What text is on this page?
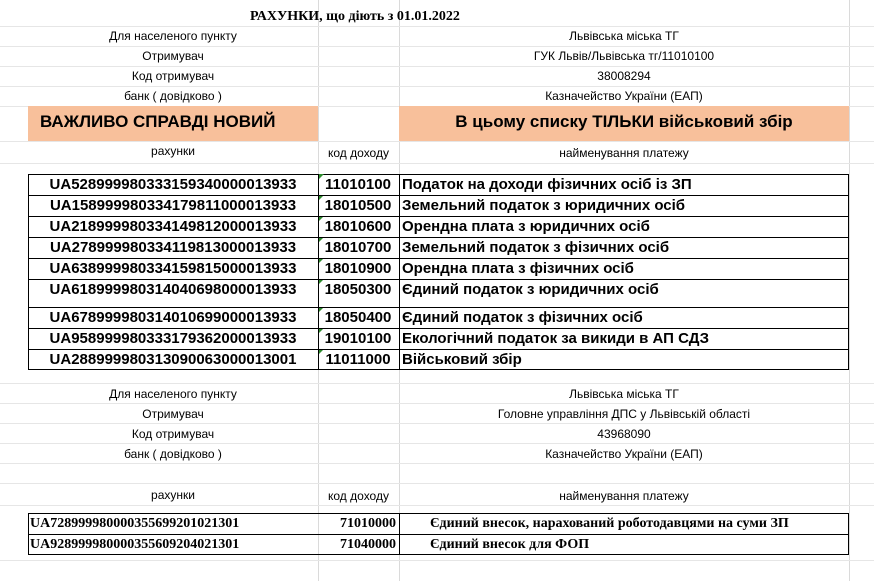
РАХУНКИ, що діють з 01.01.2022
Для населеного пункту	Львівська міська ТГ
Отримувач	ГУК Львів/Львівська тг/11010100
Код отримувач	38008294
банк ( довідково )	Казначейство України (ЕАП)
ВАЖЛИВО СПРАВДІ НОВИЙ	В цьому списку ТІЛЬКИ військовий збір
рахунки	код доходу	найменування платежу
UA528999980333159340000013933	11010100 Податок на доходи фізичних осіб із ЗП
UA158999980334179811000013933	18010500 Земельний податок з юридичних осіб
UA218999980334149812000013933	18010600 Орендна плата з юридичних осіб
UA278999980334119813000013933	18010700 Земельний податок з фізичних осіб
UA638999980334159815000013933	18010900 Орендна плата з фізичних осіб
UA618999980314040698000013933	18050300 Єдиний податок з юридичних осіб
UA678999980314010699000013933	18050400 Єдиний податок з фізичних осіб
UA958999980333179362000013933	19010100 Екологічний податок за викиди в АП СДЗ
UA288999980313090063000013001	11011000 Військовий збір
Для населеного пункту	Львівська міська ТГ
Отримувач	Головне управління ДПС у Львівській області
Код отримувач	43968090
банк ( довідково )	Казначейство України (ЕАП)
рахунки	код доходу	найменування платежу
UA728999980000355699201021301	71010000	Єдиний внесок, нарахований роботодавцями на суми ЗП
UA928999980000355609204021301	71040000	Єдиний внесок для ФОП
